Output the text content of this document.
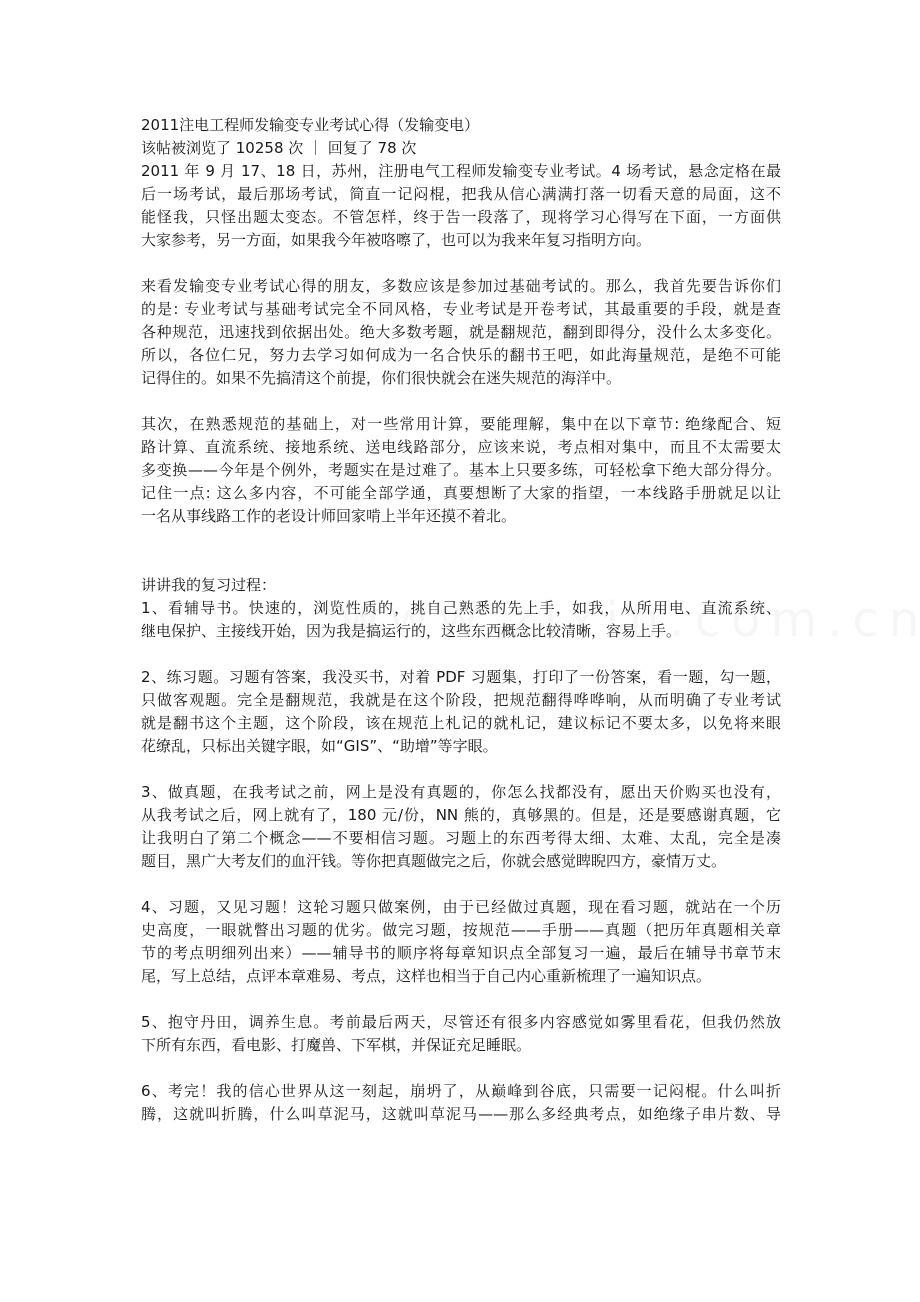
2011注电工程师发输变专业考试心得（发输变电）
该帖被浏览了 10258 次 ｜ 回复了 78 次
2011 年 9 月 17、18 日，苏州，注册电气工程师发输变专业考试。4 场考试，悬念定格在最
后一场考试，最后那场考试，简直一记闷棍，把我从信心满满打落一切看天意的局面，这不
能怪我，只怪出题太变态。不管怎样，终于告一段落了，现将学习心得写在下面，一方面供
大家参考，另一方面，如果我今年被咯嚓了，也可以为我来年复习指明方向。
来看发输变专业考试心得的朋友，多数应该是参加过基础考试的。那么，我首先要告诉你们
的是: 专业考试与基础考试完全不同风格，专业考试是开卷考试，其最重要的手段，就是查
各种规范，迅速找到依据出处。绝大多数考题，就是翻规范，翻到即得分，没什么太多变化。
所以，各位仁兄，努力去学习如何成为一名合快乐的翻书王吧，如此海量规范，是绝不可能
记得住的。如果不先搞清这个前提，你们很快就会在迷失规范的海洋中。
其次，在熟悉规范的基础上，对一些常用计算，要能理解，集中在以下章节: 绝缘配合、短
路计算、直流系统、接地系统、送电线路部分，应该来说，考点相对集中，而且不太需要太
多变换——今年是个例外，考题实在是过难了。基本上只要多练，可轻松拿下绝大部分得分。
记住一点: 这么多内容，不可能全部学通，真要想断了大家的指望，一本线路手册就足以让
一名从事线路工作的老设计师回家啃上半年还摸不着北。
讲讲我的复习过程：
1、看辅导书。快速的，浏览性质的，挑自己熟悉的先上手，如我，从所用电、直流系统、
继电保护、主接线开始，因为我是搞运行的，这些东西概念比较清晰，容易上手。
2、练习题。习题有答案，我没买书，对着 PDF 习题集，打印了一份答案，看一题，勾一题，
只做客观题。完全是翻规范，我就是在这个阶段，把规范翻得哗哗响，从而明确了专业考试
就是翻书这个主题，这个阶段，该在规范上札记的就札记，建议标记不要太多，以免将来眼
花缭乱，只标出关键字眼，如“GIS”、“助增”等字眼。
3、做真题，在我考试之前，网上是没有真题的，你怎么找都没有，愿出天价购买也没有，
从我考试之后，网上就有了，180 元/份，NN 熊的，真够黑的。但是，还是要感谢真题，它
让我明白了第二个概念——不要相信习题。习题上的东西考得太细、太难、太乱，完全是凑
题目，黑广大考友们的血汗钱。等你把真题做完之后，你就会感觉睥睨四方，豪情万丈。
4、习题，又见习题！这轮习题只做案例，由于已经做过真题，现在看习题，就站在一个历
史高度，一眼就瞥出习题的优劣。做完习题，按规范——手册——真题（把历年真题相关章
节的考点明细列出来）——辅导书的顺序将每章知识点全部复习一遍，最后在辅导书章节末
尾，写上总结，点评本章难易、考点，这样也相当于自己内心重新梳理了一遍知识点。
5、抱守丹田，调养生息。考前最后两天，尽管还有很多内容感觉如雾里看花，但我仍然放
下所有东西，看电影、打魔兽、下军棋，并保证充足睡眠。
6、考完！我的信心世界从这一刻起，崩坍了，从巅峰到谷底，只需要一记闷棍。什么叫折
腾，这就叫折腾，什么叫草泥马，这就叫草泥马——那么多经典考点，如绝缘子串片数、导
